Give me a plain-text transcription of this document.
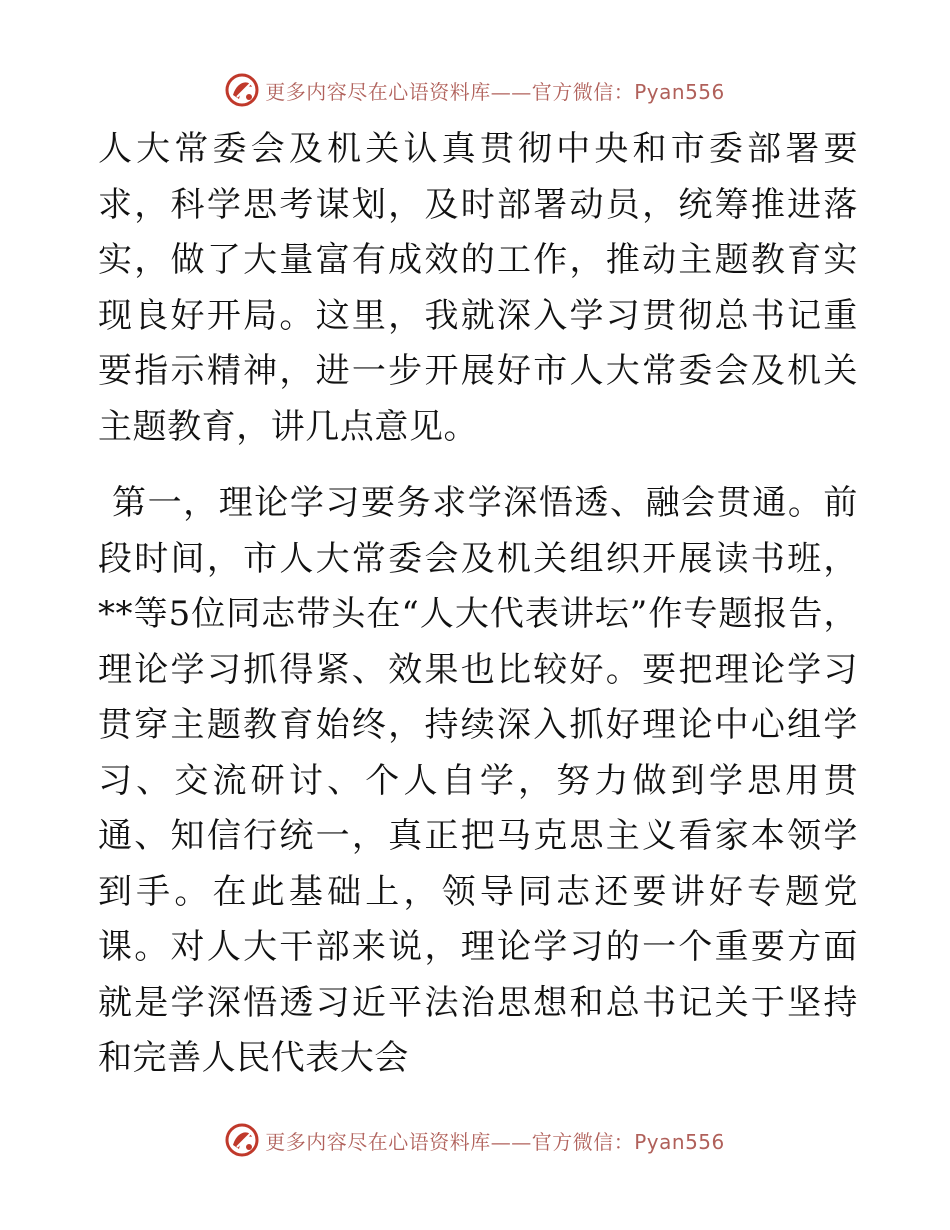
更多内容尽在心语资料库——官方微信：Pyan556

人大常委会及机关认真贯彻中央和市委部署要求，科学思考谋划，及时部署动员，统筹推进落实，做了大量富有成效的工作，推动主题教育实现良好开局。这里，我就深入学习贯彻总书记重要指示精神，进一步开展好市人大常委会及机关主题教育，讲几点意见。

第一，理论学习要务求学深悟透、融会贯通。前段时间，市人大常委会及机关组织开展读书班，**等5位同志带头在“人大代表讲坛”作专题报告，理论学习抓得紧、效果也比较好。要把理论学习贯穿主题教育始终，持续深入抓好理论中心组学习、交流研讨、个人自学，努力做到学思用贯通、知信行统一，真正把马克思主义看家本领学到手。在此基础上，领导同志还要讲好专题党课。对人大干部来说，理论学习的一个重要方面就是学深悟透习近平法治思想和总书记关于坚持和完善人民代表大会

更多内容尽在心语资料库——官方微信：Pyan556
